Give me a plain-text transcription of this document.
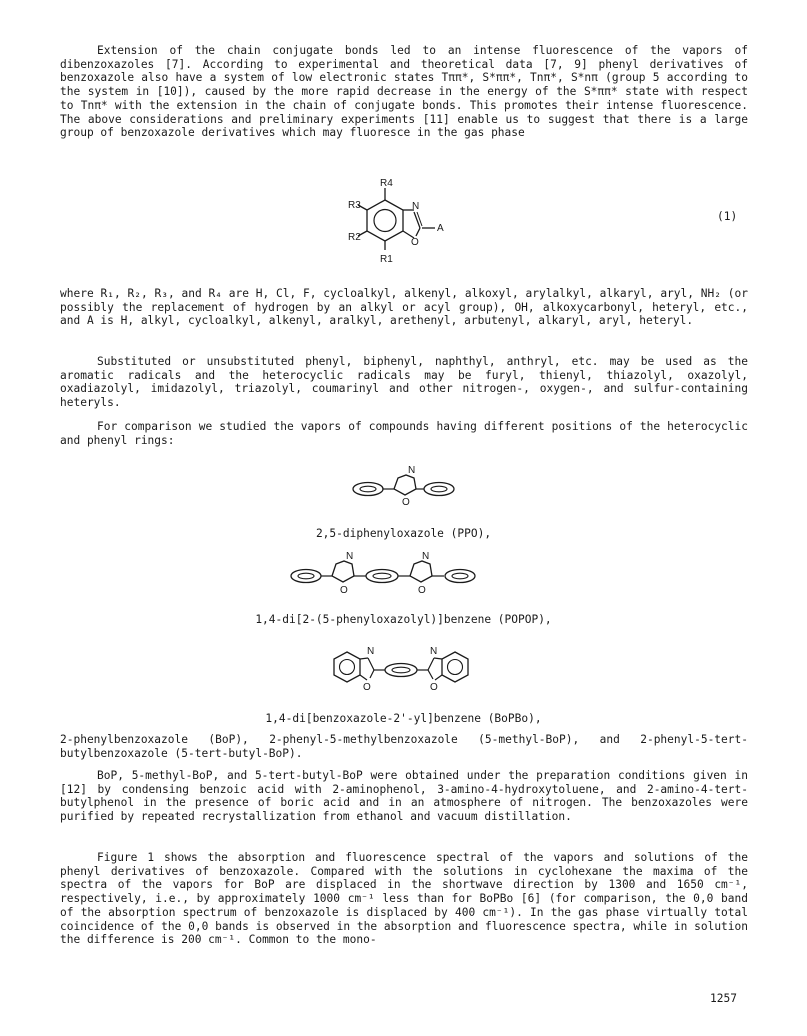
Extension of the chain conjugate bonds led to an intense fluorescence of the vapors of dibenzoxazoles [7]. According to experimental and theoretical data [7, 9] phenyl derivatives of benzoxazole also have a system of low electronic states Tππ*, S*ππ*, Tnπ*, S*nπ (group 5 according to the system in [10]), caused by the more rapid decrease in the energy of the S*ππ* state with respect to Tnπ* with the extension in the chain of conjugate bonds. This promotes their intense fluorescence. The above considerations and preliminary experiments [11] enable us to suggest that there is a large group of benzoxazole derivatives which may fluoresce in the gas phase

R4
R3
R2
R1
N
O
A
(1)

where R₁, R₂, R₃, and R₄ are H, Cl, F, cycloalkyl, alkenyl, alkoxyl, arylalkyl, alkaryl, aryl, NH₂ (or possibly the replacement of hydrogen by an alkyl or acyl group), OH, alkoxycarbonyl, heteryl, etc., and A is H, alkyl, cycloalkyl, alkenyl, aralkyl, arethenyl, arbutenyl, alkaryl, aryl, heteryl.

Substituted or unsubstituted phenyl, biphenyl, naphthyl, anthryl, etc. may be used as the aromatic radicals and the heterocyclic radicals may be furyl, thienyl, thiazolyl, oxazolyl, oxadiazolyl, imidazolyl, triazolyl, coumarinyl and other nitrogen-, oxygen-, and sulfur-containing heteryls.

For comparison we studied the vapors of compounds having different positions of the heterocyclic and phenyl rings:

N
O

2,5-diphenyloxazole (PPO),

N
O
N
O

1,4-di[2-(5-phenyloxazolyl)]benzene (POPOP),

N
O
N
O

1,4-di[benzoxazole-2'-yl]benzene (BoPBo),

2-phenylbenzoxazole (BoP), 2-phenyl-5-methylbenzoxazole (5-methyl-BoP), and 2-phenyl-5-tert-butylbenzoxazole (5-tert-butyl-BoP).

BoP, 5-methyl-BoP, and 5-tert-butyl-BoP were obtained under the preparation conditions given in [12] by condensing benzoic acid with 2-aminophenol, 3-amino-4-hydroxytoluene, and 2-amino-4-tert-butylphenol in the presence of boric acid and in an atmosphere of nitrogen. The benzoxazoles were purified by repeated recrystallization from ethanol and vacuum distillation.

Figure 1 shows the absorption and fluorescence spectral of the vapors and solutions of the phenyl derivatives of benzoxazole. Compared with the solutions in cyclohexane the maxima of the spectra of the vapors for BoP are displaced in the shortwave direction by 1300 and 1650 cm⁻¹, respectively, i.e., by approximately 1000 cm⁻¹ less than for BoPBo [6] (for comparison, the 0,0 band of the absorption spectrum of benzoxazole is displaced by 400 cm⁻¹). In the gas phase virtually total coincidence of the 0,0 bands is observed in the absorption and fluorescence spectra, while in solution the difference is 200 cm⁻¹. Common to the mono-

1257
